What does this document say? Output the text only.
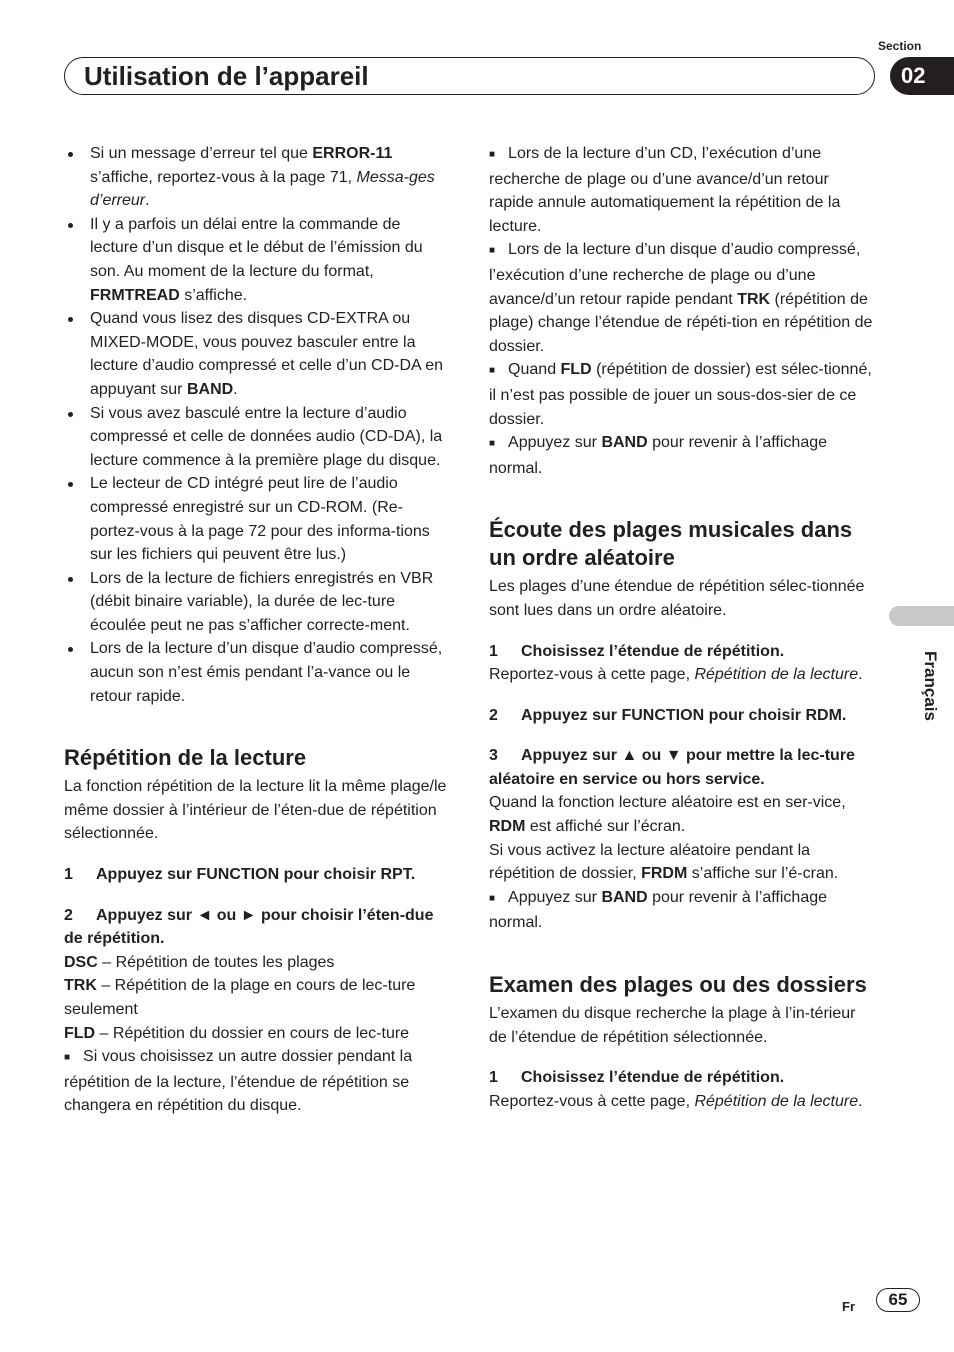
Utilisation de l’appareil
Section
02
Français

Si un message d’erreur tel que ERROR-11 s’affiche, reportez-vous à la page 71, Messa-ges d’erreur.

Il y a parfois un délai entre la commande de lecture d’un disque et le début de l’émission du son. Au moment de la lecture du format, FRMTREAD s’affiche.

Quand vous lisez des disques CD-EXTRA ou MIXED-MODE, vous pouvez basculer entre la lecture d’audio compressé et celle d’un CD-DA en appuyant sur BAND.

Si vous avez basculé entre la lecture d’audio compressé et celle de données audio (CD-DA), la lecture commence à la première plage du disque.

Le lecteur de CD intégré peut lire de l’audio compressé enregistré sur un CD-ROM. (Re-portez-vous à la page 72 pour des informa-tions sur les fichiers qui peuvent être lus.)

Lors de la lecture de fichiers enregistrés en VBR (débit binaire variable), la durée de lec-ture écoulée peut ne pas s’afficher correcte-ment.

Lors de la lecture d’un disque d’audio compressé, aucun son n’est émis pendant l’a-vance ou le retour rapide.

Répétition de la lecture

La fonction répétition de la lecture lit la même plage/le même dossier à l’intérieur de l’éten-due de répétition sélectionnée.

1 Appuyez sur FUNCTION pour choisir RPT.

2 Appuyez sur ◄ ou ► pour choisir l’éten-due de répétition.

DSC – Répétition de toutes les plages

TRK – Répétition de la plage en cours de lec-ture seulement

FLD – Répétition du dossier en cours de lec-ture

■ Si vous choisissez un autre dossier pendant la répétition de la lecture, l’étendue de répétition se changera en répétition du disque.

■ Lors de la lecture d’un CD, l’exécution d’une recherche de plage ou d’une avance/d’un retour rapide annule automatiquement la répétition de la lecture.

■ Lors de la lecture d’un disque d’audio compressé, l’exécution d’une recherche de plage ou d’une avance/d’un retour rapide pendant TRK (répétition de plage) change l’étendue de répéti-tion en répétition de dossier.

■ Quand FLD (répétition de dossier) est sélec-tionné, il n’est pas possible de jouer un sous-dos-sier de ce dossier.

■ Appuyez sur BAND pour revenir à l’affichage normal.

Écoute des plages musicales dans un ordre aléatoire

Les plages d’une étendue de répétition sélec-tionnée sont lues dans un ordre aléatoire.

1 Choisissez l’étendue de répétition.

Reportez-vous à cette page, Répétition de la lecture.

2 Appuyez sur FUNCTION pour choisir RDM.

3 Appuyez sur ▲ ou ▼ pour mettre la lec-ture aléatoire en service ou hors service.

Quand la fonction lecture aléatoire est en ser-vice, RDM est affiché sur l’écran.

Si vous activez la lecture aléatoire pendant la répétition de dossier, FRDM s’affiche sur l’é-cran.

■ Appuyez sur BAND pour revenir à l’affichage normal.

Examen des plages ou des dossiers

L’examen du disque recherche la plage à l’in-térieur de l’étendue de répétition sélectionnée.

1 Choisissez l’étendue de répétition.

Reportez-vous à cette page, Répétition de la lecture.

Fr	65
